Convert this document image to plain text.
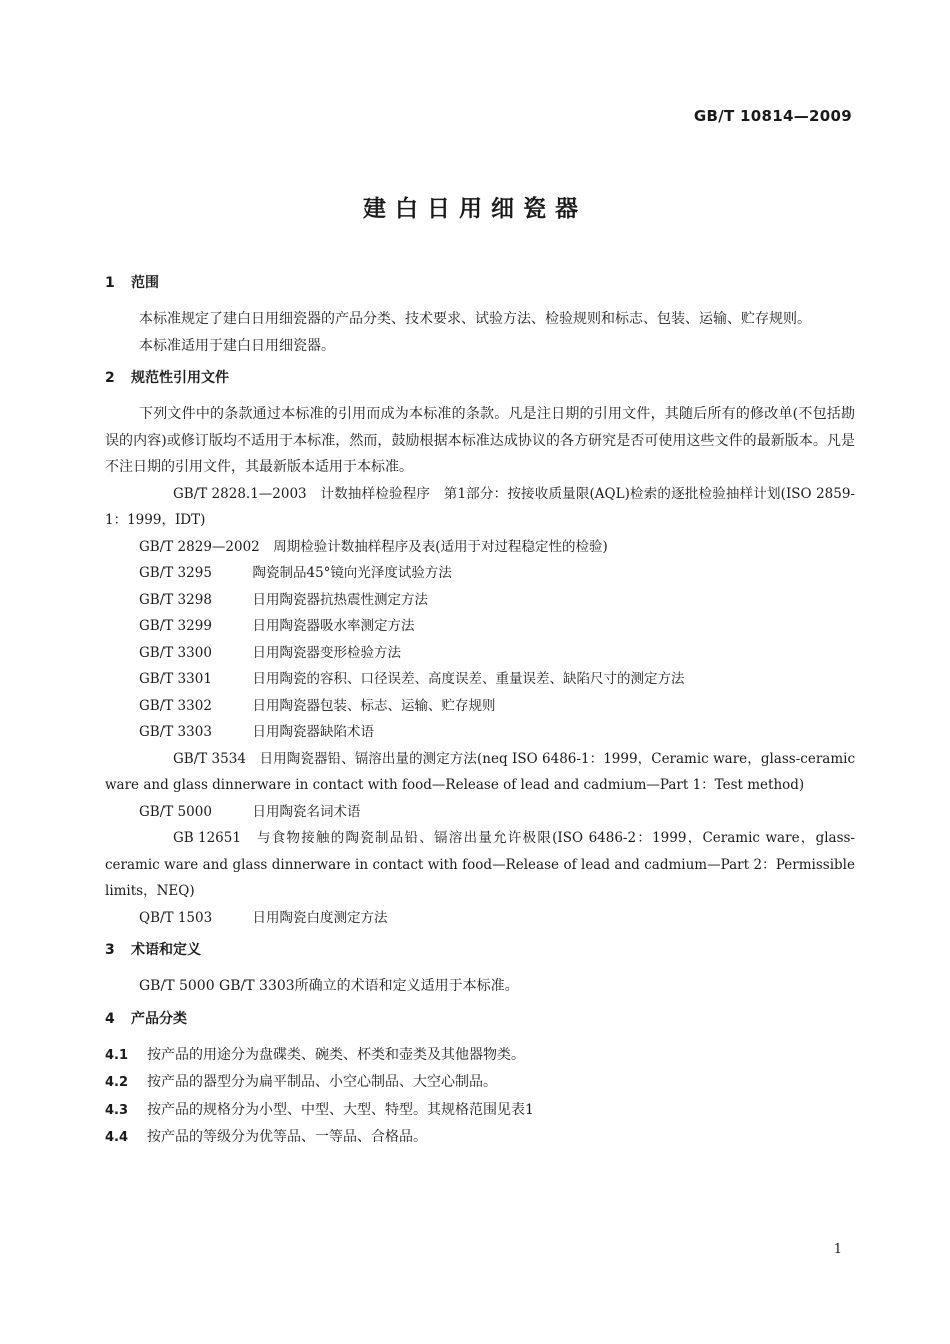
GB/T 10814—2009
建白日用细瓷器

1 范围

本标准规定了建白日用细瓷器的产品分类、技术要求、试验方法、检验规则和标志、包装、运输、贮存规则。

本标准适用于建白日用细瓷器。

2 规范性引用文件

下列文件中的条款通过本标准的引用而成为本标准的条款。凡是注日期的引用文件，其随后所有的修改单(不包括勘误的内容)或修订版均不适用于本标准，然而，鼓励根据本标准达成协议的各方研究是否可使用这些文件的最新版本。凡是不注日期的引用文件，其最新版本适用于本标准。

GB/T 2828.1—2003　 计数抽样检验程序　第1部分：按接收质量限(AQL)检索的逐批检验抽样计划(ISO 2859-1：1999，IDT)

GB/T 2829—2002　 周期检验计数抽样程序及表(适用于对过程稳定性的检验)

GB/T 3295　	陶瓷制品45°镜向光泽度试验方法

GB/T 3298　	日用陶瓷器抗热震性测定方法

GB/T 3299　	日用陶瓷器吸水率测定方法

GB/T 3300　	日用陶瓷器变形检验方法

GB/T 3301　	日用陶瓷的容积、口径误差、高度误差、重量误差、缺陷尺寸的测定方法

GB/T 3302　	日用陶瓷器包装、标志、运输、贮存规则

GB/T 3303　	日用陶瓷器缺陷术语

GB/T 3534　 日用陶瓷器铅、镉溶出量的测定方法(neq ISO 6486-1：1999，Ceramic ware，glass-ceramic ware and glass dinnerware in contact with food—Release of lead and cadmium—Part 1：Test method)

GB/T 5000　	日用陶瓷名词术语

GB 12651　 与食物接触的陶瓷制品铅、镉溶出量允许极限(ISO 6486-2：1999，Ceramic ware，glass-ceramic ware and glass dinnerware in contact with food—Release of lead and cadmium—Part 2：Permissible limits，NEQ)

QB/T 1503　	日用陶瓷白度测定方法

3 术语和定义

GB/T 5000 GB/T 3303所确立的术语和定义适用于本标准。

4 产品分类

4.1 按产品的用途分为盘碟类、碗类、杯类和壶类及其他器物类。

4.2 按产品的器型分为扁平制品、小空心制品、大空心制品。

4.3 按产品的规格分为小型、中型、大型、特型。其规格范围见表1

4.4 按产品的等级分为优等品、一等品、合格品。

1
